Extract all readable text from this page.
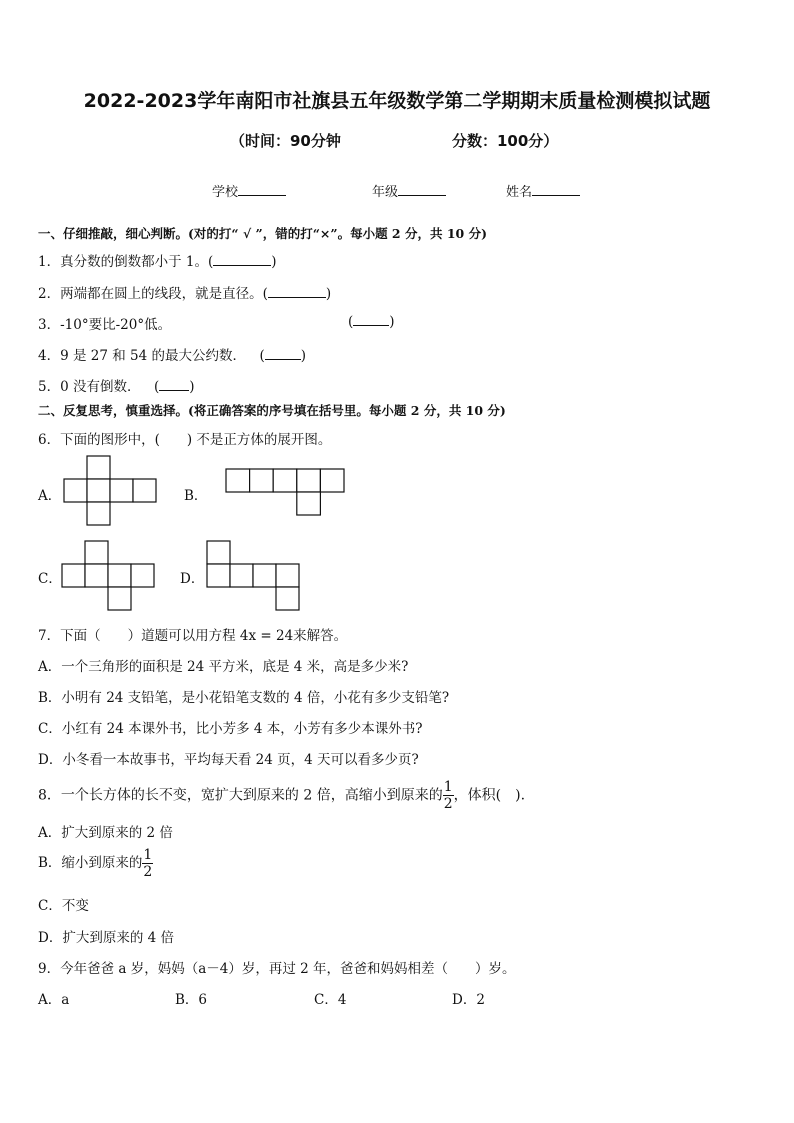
2022-2023学年南阳市社旗县五年级数学第二学期期末质量检测模拟试题
（时间：90分钟	分数：100分）
学校	年级	姓名
一、仔细推敲，细心判断。(对的打“ √ ”，错的打“×”。每小题 2 分，共 10 分)
1．真分数的倒数都小于 1。(	)
2．两端都在圆上的线段，就是直径。(	)
3．-10°要比-20°低。	(	)
4．9 是 27 和 54 的最大公约数．  (	)
5．0 没有倒数．  ( )
二、反复思考，慎重选择。(将正确答案的序号填在括号里。每小题 2 分，共 10 分)
6．下面的图形中，(　　) 不是正方体的展开图。
A．	B．
C．	D．
7．下面（　　）道题可以用方程 4x = 24来解答。
A．一个三角形的面积是 24 平方米，底是 4 米，高是多少米?
B．小明有 24 支铅笔，是小花铅笔支数的 4 倍，小花有多少支铅笔?
C．小红有 24 本课外书，比小芳多 4 本，小芳有多少本课外书?
D．小冬看一本故事书，平均每天看 24 页，4 天可以看多少页?
8．一个长方体的长不变，宽扩大到原来的 2 倍，高缩小到原来的 $\frac{1}{2}$ ，体积(　).
A．扩大到原来的 2 倍
B．缩小到原来的 $\frac{1}{2}$
C．不变
D．扩大到原来的 4 倍
9．今年爸爸 a 岁，妈妈（a－4）岁，再过 2 年，爸爸和妈妈相差（　　）岁。
A．a	B．6	C．4	D．2
